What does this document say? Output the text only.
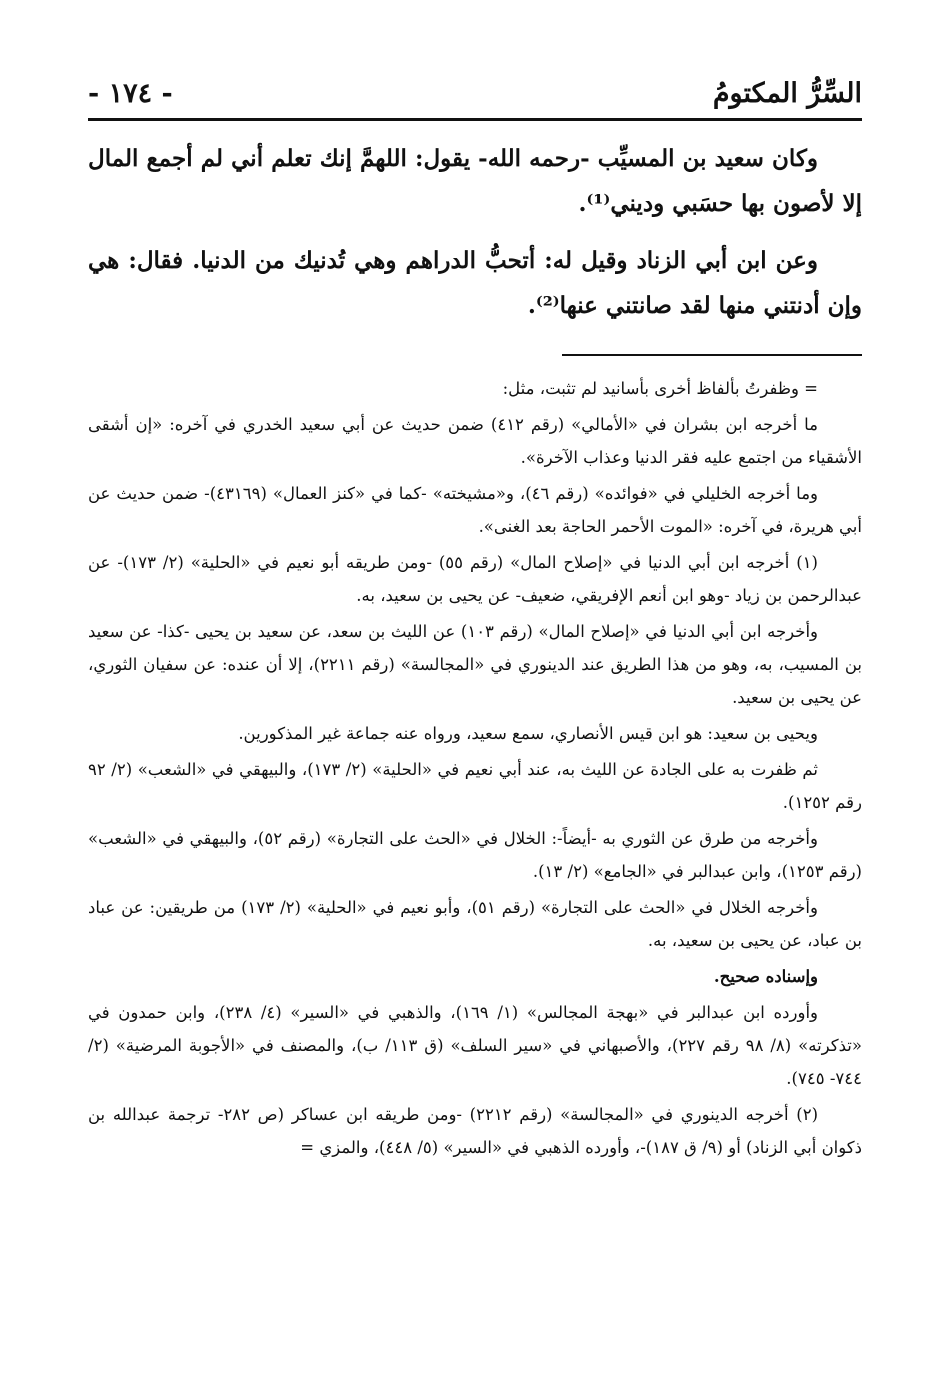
السِّرُّ المكتومُ
- ١٧٤ -

وكان سعيد بن المسيِّب -رحمه الله- يقول: اللهمَّ إنك تعلم أني لم أجمع المال إلا لأصون بها حسَبي وديني⁽¹⁾.

وعن ابن أبي الزناد وقيل له: أتحبُّ الدراهم وهي تُدنيك من الدنيا. فقال: هي وإن أدنتني منها لقد صانتني عنها⁽²⁾.

= وظفرتُ بألفاظ أخرى بأسانيد لم تثبت، مثل:

ما أخرجه ابن بشران في «الأمالي» (رقم ٤١٢) ضمن حديث عن أبي سعيد الخدري في آخره: «إن أشقى الأشقياء من اجتمع عليه فقر الدنيا وعذاب الآخرة».

وما أخرجه الخليلي في «فوائده» (رقم ٤٦)، و«مشيخته» -كما في «كنز العمال» (٤٣١٦٩)- ضمن حديث عن أبي هريرة، في آخره: «الموت الأحمر الحاجة بعد الغنى».

(١) أخرجه ابن أبي الدنيا في «إصلاح المال» (رقم ٥٥) -ومن طريقه أبو نعيم في «الحلية» (٢/ ١٧٣)- عن عبدالرحمن بن زياد -وهو ابن أنعم الإفريقي، ضعيف- عن يحيى بن سعيد، به.

وأخرجه ابن أبي الدنيا في «إصلاح المال» (رقم ١٠٣) عن الليث بن سعد، عن سعيد بن يحيى -كذا- عن سعيد بن المسيب، به، وهو من هذا الطريق عند الدينوري في «المجالسة» (رقم ٢٢١١)، إلا أن عنده: عن سفيان الثوري، عن يحيى بن سعيد.

ويحيى بن سعيد: هو ابن قيس الأنصاري، سمع سعيد، ورواه عنه جماعة غير المذكورين.

ثم ظفرت به على الجادة عن الليث به، عند أبي نعيم في «الحلية» (٢/ ١٧٣)، والبيهقي في «الشعب» (٢/ ٩٢ رقم ١٢٥٢).

وأخرجه من طرق عن الثوري به -أيضاً-: الخلال في «الحث على التجارة» (رقم ٥٢)، والبيهقي في «الشعب» (رقم ١٢٥٣)، وابن عبدالبر في «الجامع» (٢/ ١٣).

وأخرجه الخلال في «الحث على التجارة» (رقم ٥١)، وأبو نعيم في «الحلية» (٢/ ١٧٣) من طريقين: عن عباد بن عباد، عن يحيى بن سعيد، به.

وإسناده صحيح.

وأورده ابن عبدالبر في «بهجة المجالس» (١/ ١٦٩)، والذهبي في «السير» (٤/ ٢٣٨)، وابن حمدون في «تذكرته» (٨/ ٩٨ رقم ٢٢٧)، والأصبهاني في «سير السلف» (ق ١١٣/ ب)، والمصنف في «الأجوبة المرضية» (٢/ ٧٤٤- ٧٤٥).

(٢) أخرجه الدينوري في «المجالسة» (رقم ٢٢١٢) -ومن طريقه ابن عساكر (ص ٢٨٢- ترجمة عبدالله بن ذكوان أبي الزناد) أو (٩/ ق ١٨٧)-، وأورده الذهبي في «السير» (٥/ ٤٤٨)، والمزي =
